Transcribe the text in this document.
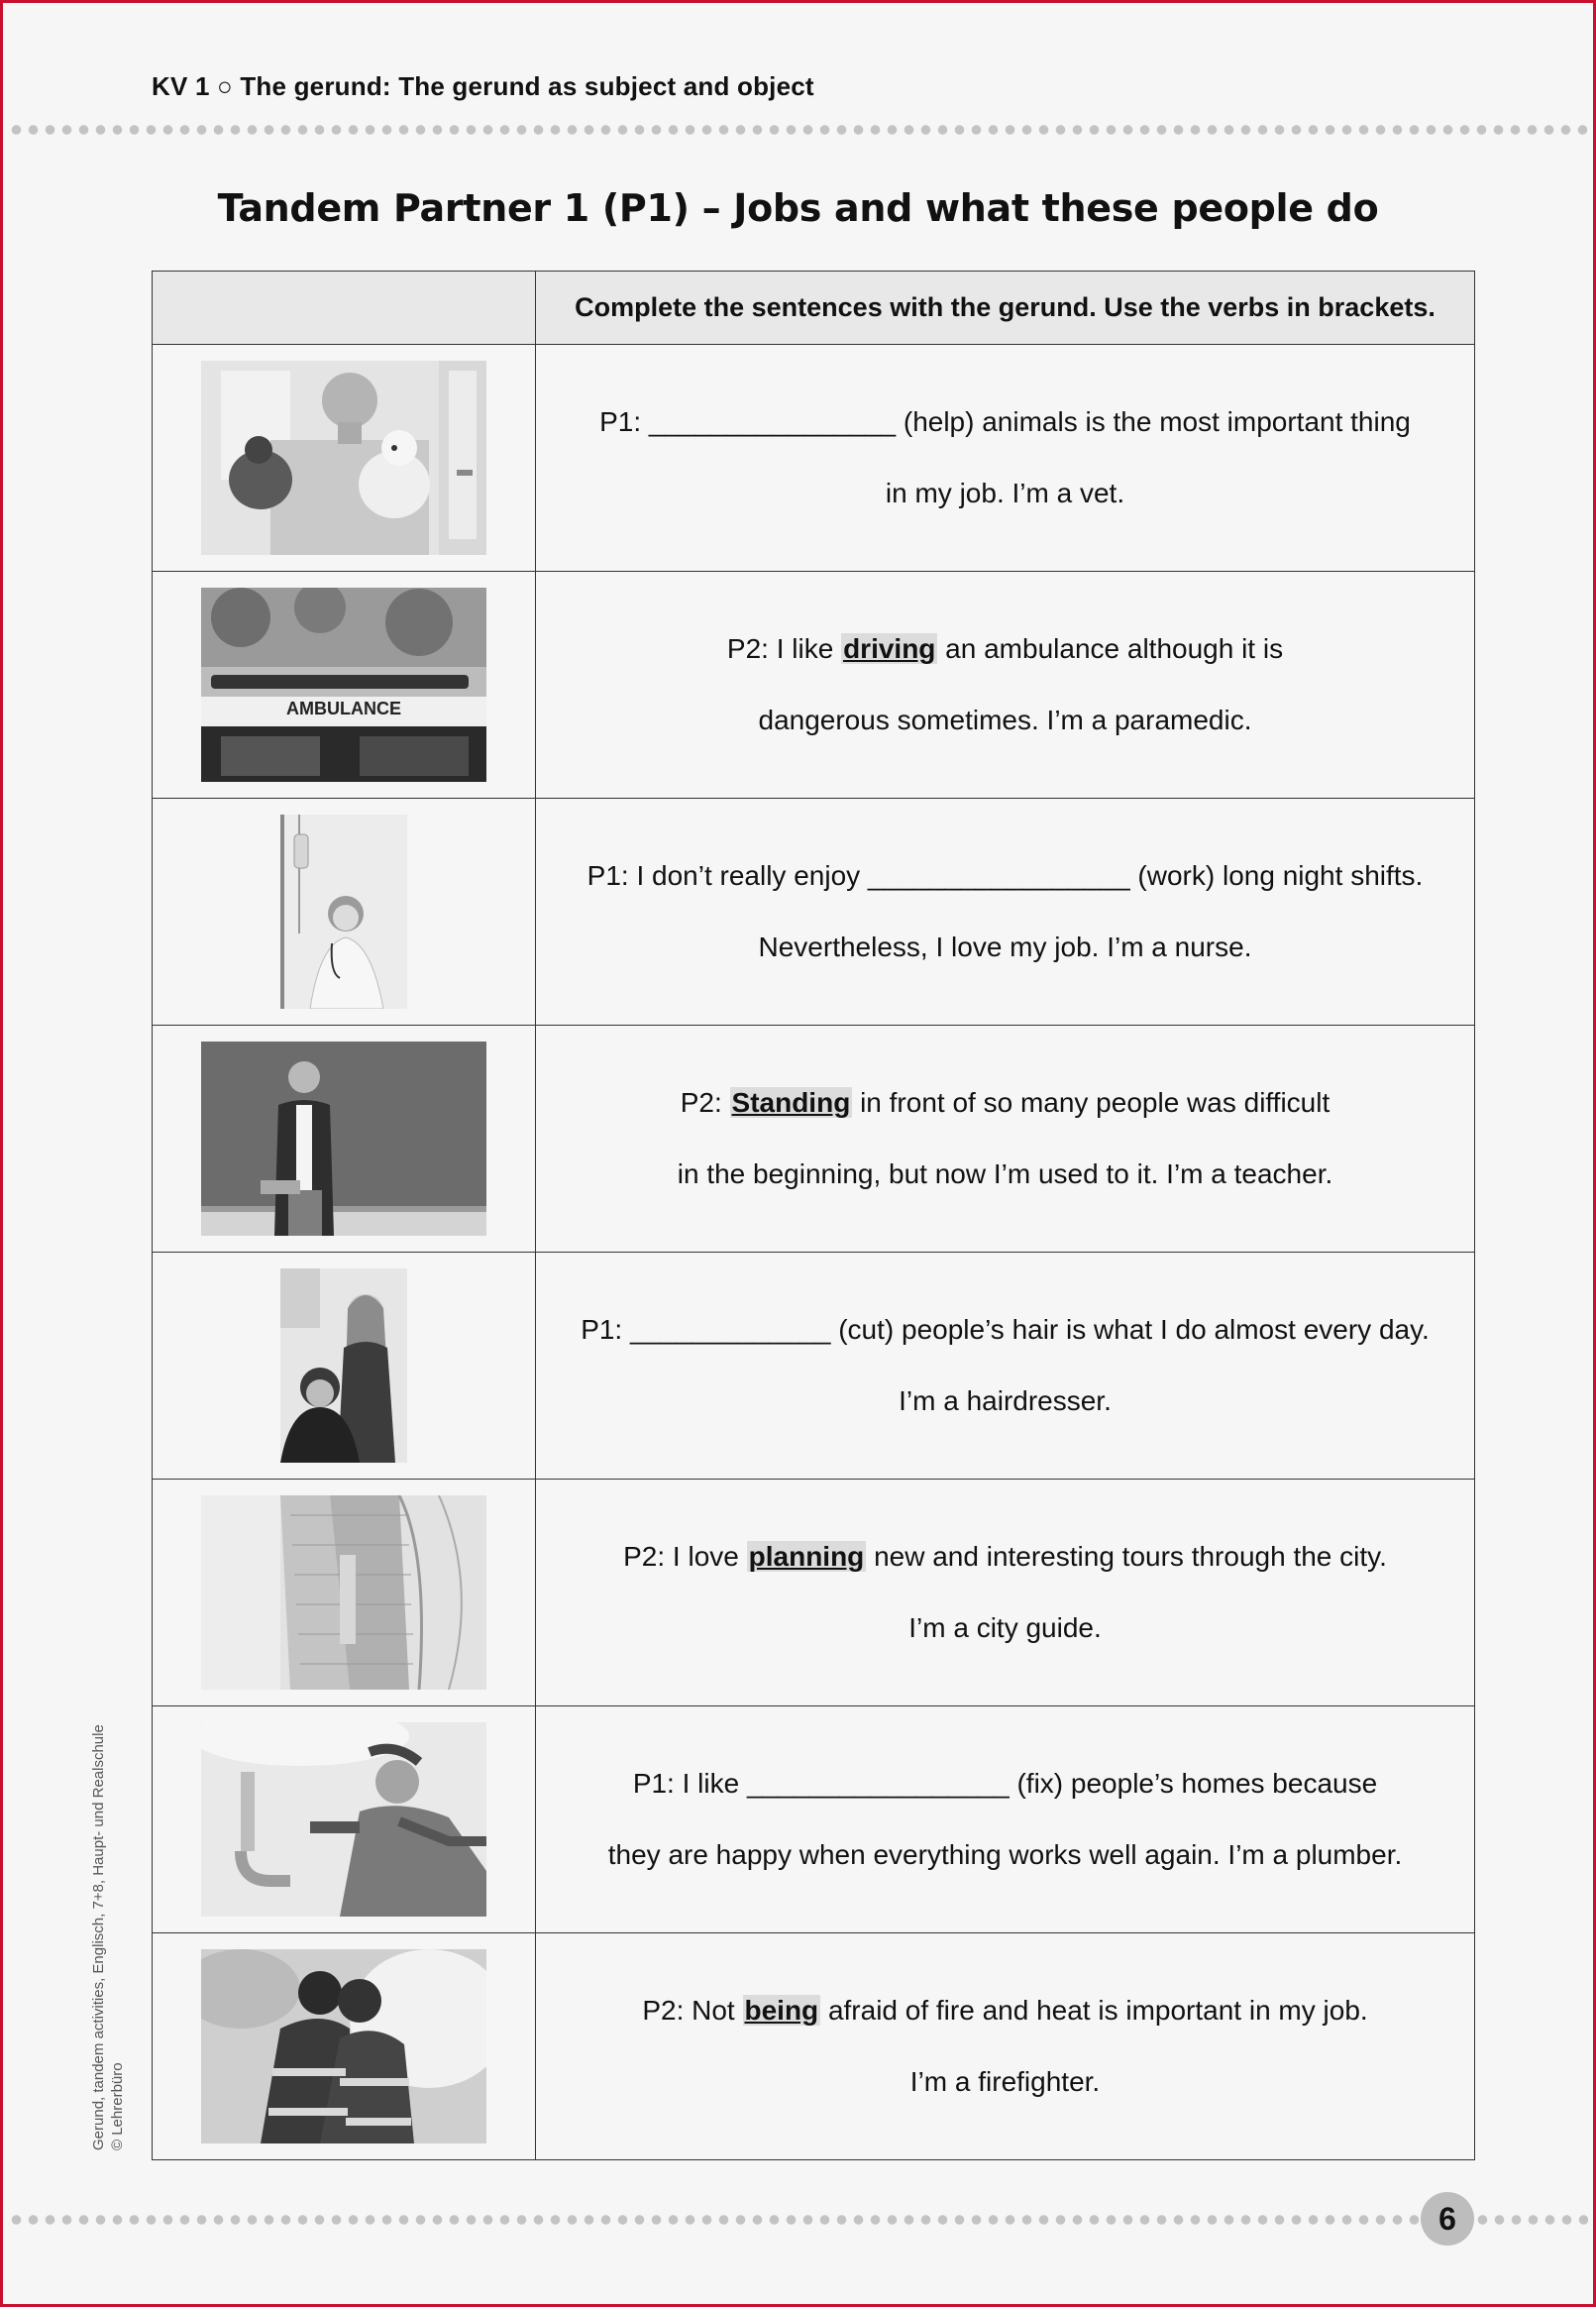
KV 1 ○ The gerund: The gerund as subject and object
Tandem Partner 1 (P1) – Jobs and what these people do
	Complete the sentences with the gerund. Use the verbs in brackets.

P1: ________________ (help) animals is the most important thing
in my job. I’m a vet.

AMBULANCE	P2: I like driving an ambulance although it is
dangerous sometimes. I’m a paramedic.

P1: I don’t really enjoy _________________ (work) long night shifts.
Nevertheless, I love my job. I’m a nurse.

P2: Standing in front of so many people was difficult
in the beginning, but now I’m used to it. I’m a teacher.

P1: _____________ (cut) people’s hair is what I do almost every day.
I’m a hairdresser.

P2: I love planning new and interesting tours through the city.
I’m a city guide.

P1: I like _________________ (fix) people’s homes because
they are happy when everything works well again. I’m a plumber.

P2: Not being afraid of fire and heat is important in my job.
I’m a firefighter.
Gerund, tandem activities, Englisch, 7+8, Haupt- und Realschule © Lehrerbüro
6
